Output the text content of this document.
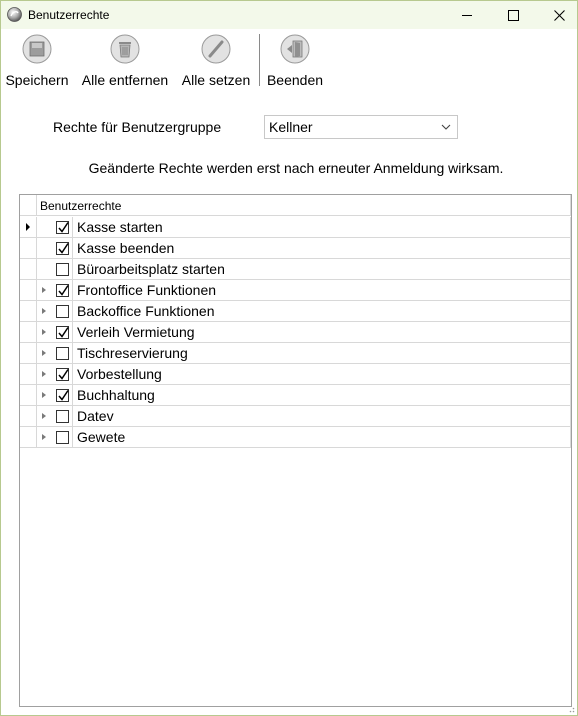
Benutzerrechte
Speichern Alle entfernen Alle setzen Beenden
Rechte für Benutzergruppe	Kellner
Geänderte Rechte werden erst nach erneuter Anmeldung wirksam.
Benutzerrechte
Kasse starten
Kasse beenden
Büroarbeitsplatz starten
Frontoffice Funktionen
Backoffice Funktionen
Verleih Vermietung
Tischreservierung
Vorbestellung
Buchhaltung
Datev
Gewete
